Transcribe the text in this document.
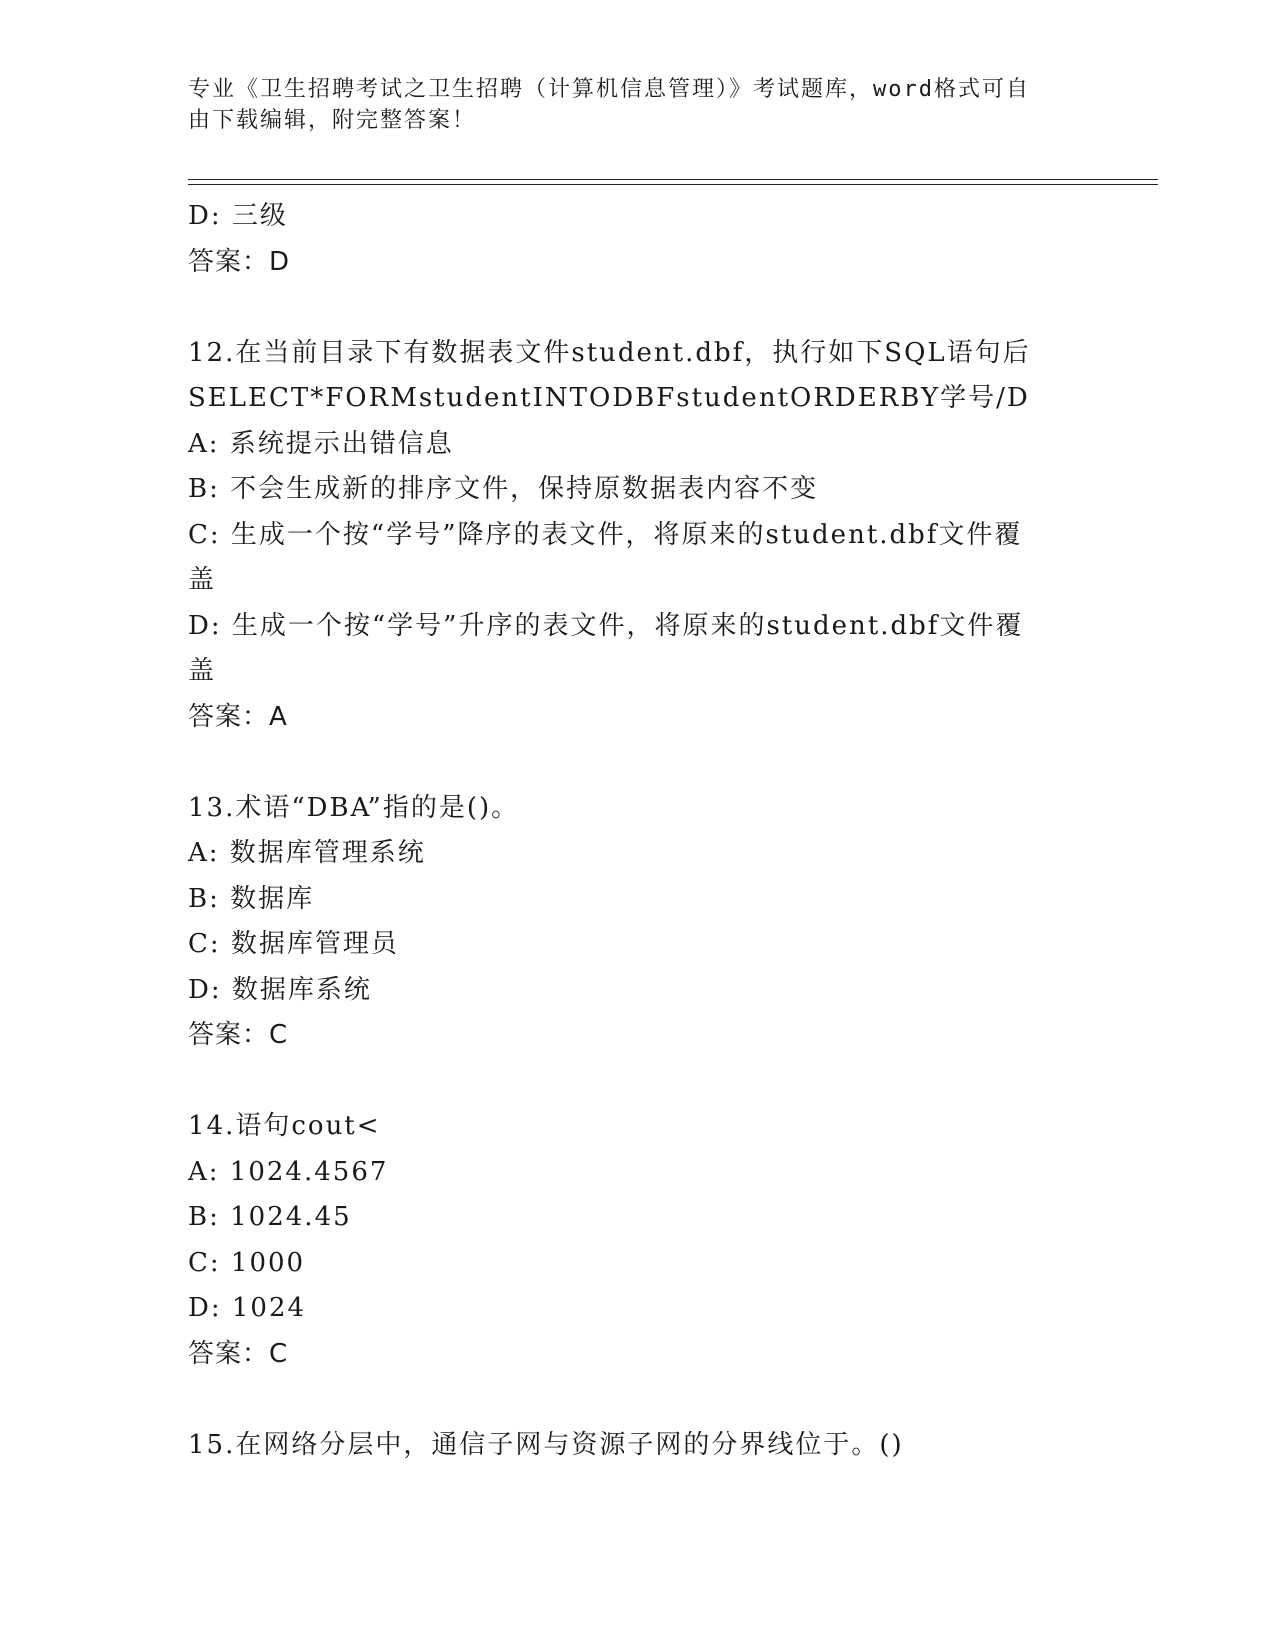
专业《卫生招聘考试之卫生招聘（计算机信息管理）》考试题库，word格式可自
由下载编辑，附完整答案！
D: 三级
答案：D
12.在当前目录下有数据表文件student.dbf，执行如下SQL语句后
SELECT*FORMstudentINTODBFstudentORDERBY学号/D
A: 系统提示出错信息
B: 不会生成新的排序文件，保持原数据表内容不变
C: 生成一个按“学号”降序的表文件，将原来的student.dbf文件覆
盖
D: 生成一个按“学号”升序的表文件，将原来的student.dbf文件覆
盖
答案：A
13.术语“DBA”指的是()。
A: 数据库管理系统
B: 数据库
C: 数据库管理员
D: 数据库系统
答案：C
14.语句cout<
A: 1024.4567
B: 1024.45
C: 1000
D: 1024
答案：C
15.在网络分层中，通信子网与资源子网的分界线位于。()
